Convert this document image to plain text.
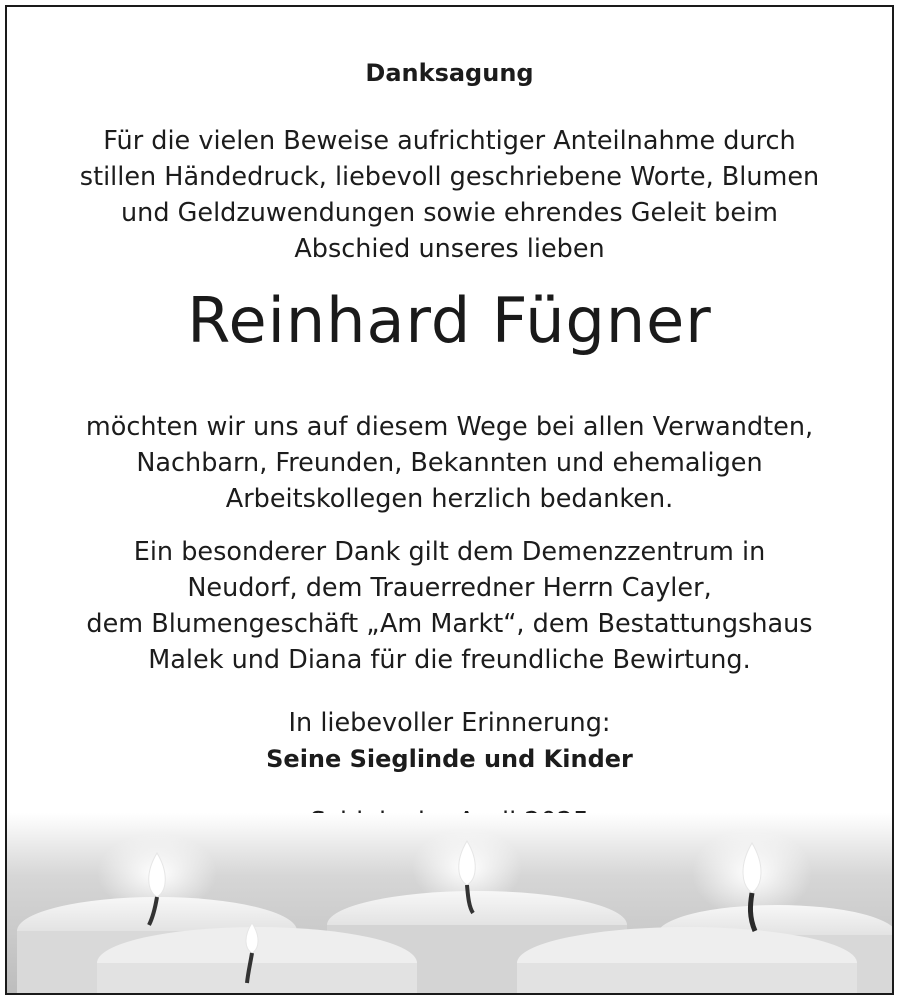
Danksagung
Für die vielen Beweise aufrichtiger Anteilnahme durch
stillen Händedruck, liebevoll geschriebene Worte, Blumen
und Geldzuwendungen sowie ehrendes Geleit beim
Abschied unseres lieben
Reinhard Fügner
möchten wir uns auf diesem Wege bei allen Verwandten,
Nachbarn, Freunden, Bekannten und ehemaligen
Arbeitskollegen herzlich bedanken.
Ein besonderer Dank gilt dem Demenzzentrum in
Neudorf, dem Trauerredner Herrn Cayler,
dem Blumengeschäft „Am Markt“, dem Bestattungshaus
Malek und Diana für die freundliche Bewirtung.
In liebevoller Erinnerung:
Seine Sieglinde und Kinder
